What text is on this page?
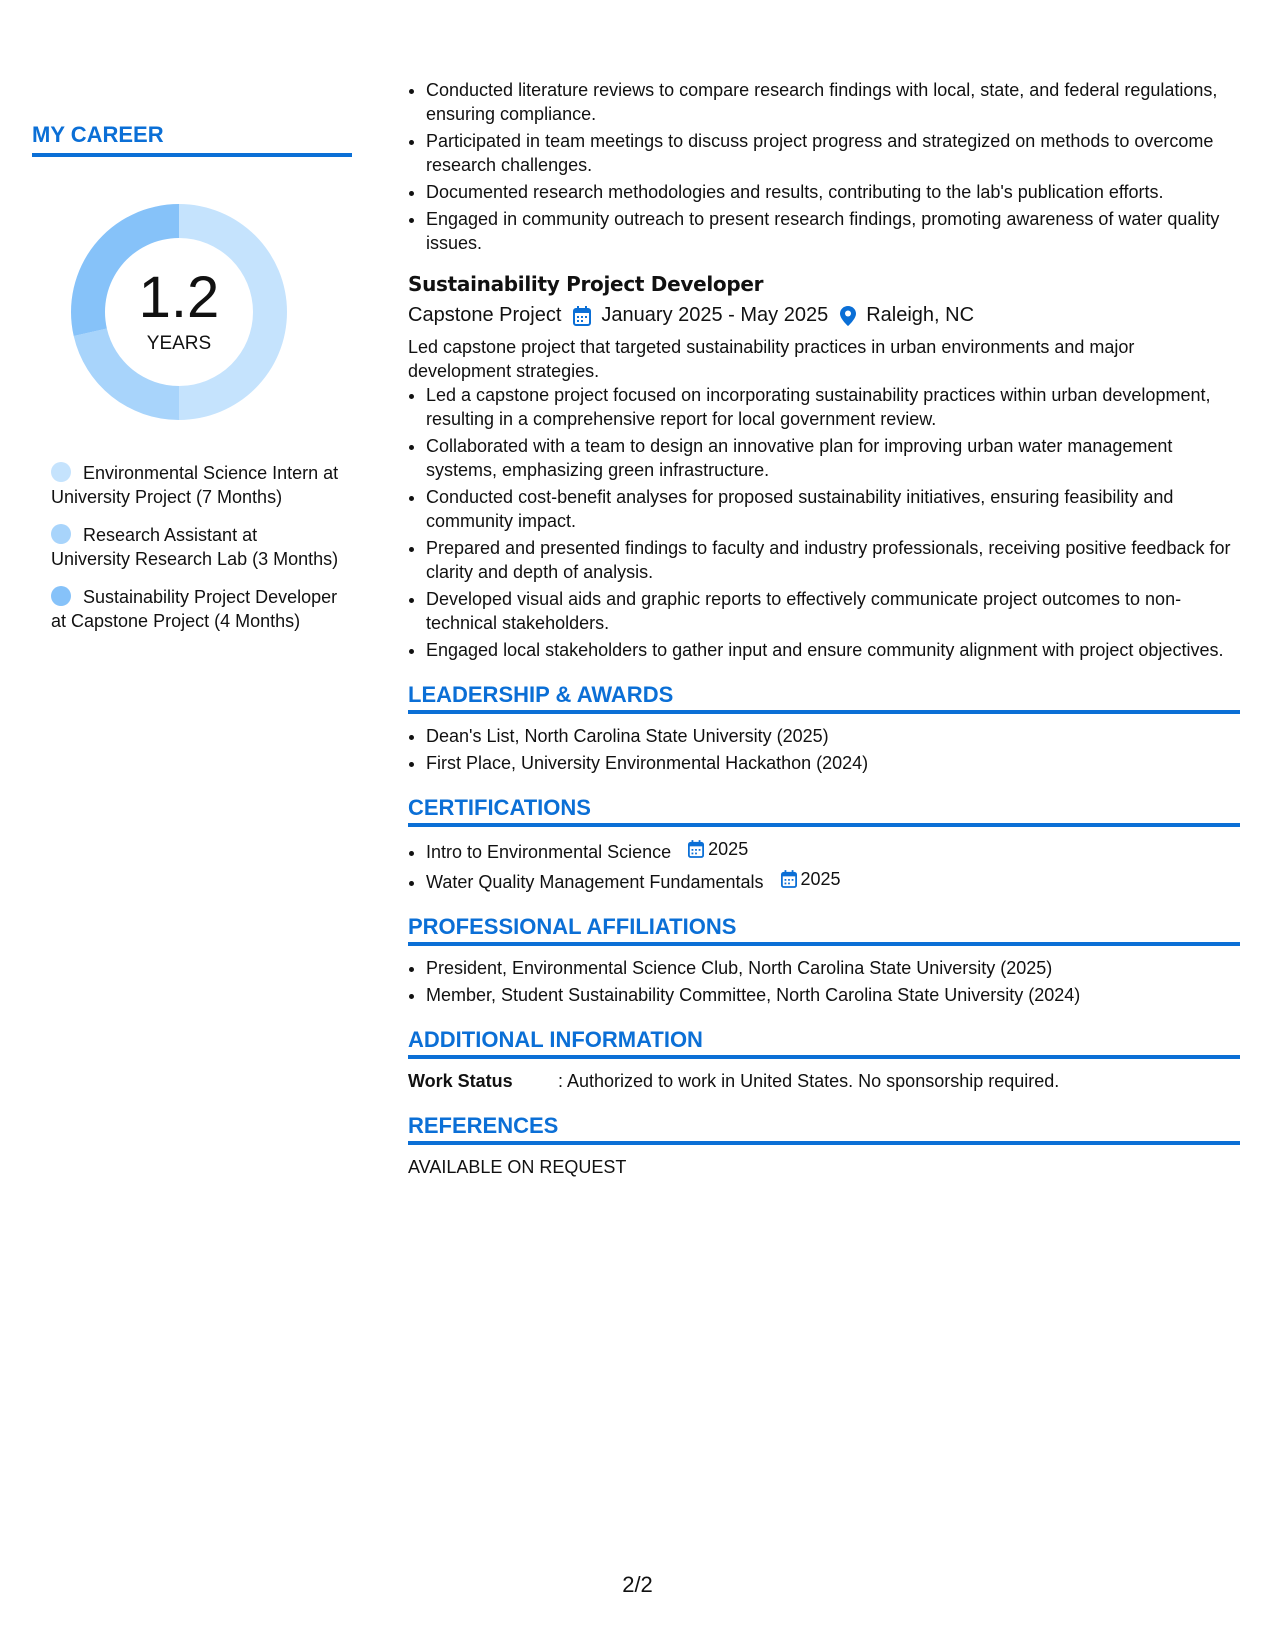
MY CAREER
1.2
YEARS
Environmental Science Intern at University Project (7 Months)
Research Assistant at University Research Lab (3 Months)
Sustainability Project Developer at Capstone Project (4 Months)
• Conducted literature reviews to compare research findings with local, state, and federal regulations, ensuring compliance.
• Participated in team meetings to discuss project progress and strategized on methods to overcome research challenges.
• Documented research methodologies and results, contributing to the lab's publication efforts.
• Engaged in community outreach to present research findings, promoting awareness of water quality issues.
Sustainability Project Developer
Capstone Project January 2025 - May 2025 Raleigh, NC
Led capstone project that targeted sustainability practices in urban environments and major development strategies.
• Led a capstone project focused on incorporating sustainability practices within urban development, resulting in a comprehensive report for local government review.
• Collaborated with a team to design an innovative plan for improving urban water management systems, emphasizing green infrastructure.
• Conducted cost-benefit analyses for proposed sustainability initiatives, ensuring feasibility and community impact.
• Prepared and presented findings to faculty and industry professionals, receiving positive feedback for clarity and depth of analysis.
• Developed visual aids and graphic reports to effectively communicate project outcomes to non-technical stakeholders.
• Engaged local stakeholders to gather input and ensure community alignment with project objectives.
LEADERSHIP & AWARDS
• Dean's List, North Carolina State University (2025)
• First Place, University Environmental Hackathon (2024)
CERTIFICATIONS
• Intro to Environmental Science 2025
• Water Quality Management Fundamentals 2025
PROFESSIONAL AFFILIATIONS
• President, Environmental Science Club, North Carolina State University (2025)
• Member, Student Sustainability Committee, North Carolina State University (2024)
ADDITIONAL INFORMATION
Work Status	: Authorized to work in United States. No sponsorship required.
REFERENCES
AVAILABLE ON REQUEST
2/2
